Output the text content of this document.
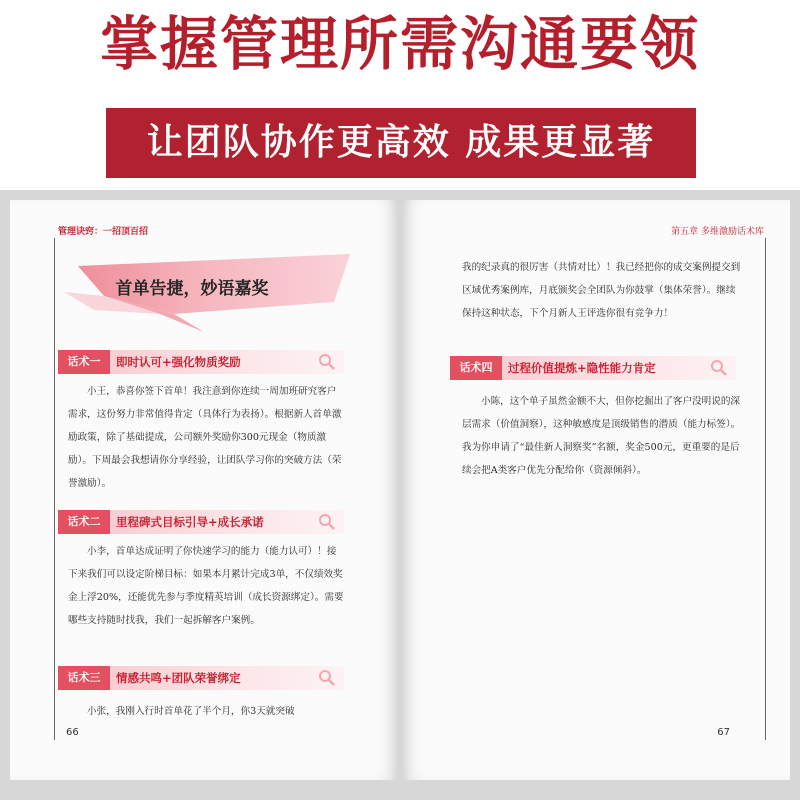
掌握管理所需沟通要领
让团队协作更高效 成果更显著
管理诀窍：一招顶百招
首单告捷，妙语嘉奖
话术一	即时认可+强化物质奖励

小王，恭喜你签下首单！我注意到你连续一周加班研究客户需求，这份努力非常值得肯定（具体行为表扬）。根据新人首单激励政策，除了基础提成，公司额外奖励你300元现金（物质激励）。下周最会我想请你分享经验，让团队学习你的突破方法（荣誉激励）。

话术二	里程碑式目标引导+成长承诺

小李，首单达成证明了你快速学习的能力（能力认可）！接下来我们可以设定阶梯目标：如果本月累计完成3单，不仅绩效奖金上浮20%，还能优先参与季度精英培训（成长资源绑定）。需要哪些支持随时找我，我们一起拆解客户案例。

话术三	情感共鸣+团队荣誉绑定

小张，我刚入行时首单花了半个月，你3天就突破

66
第五章 多维激励话术库

我的纪录真的很厉害（共情对比）！我已经把你的成交案例提交到区域优秀案例库，月底颁奖会全团队为你鼓掌（集体荣誉）。继续保持这种状态，下个月新人王评选你很有竞争力！

话术四	过程价值提炼+隐性能力肯定

小陈，这个单子虽然金额不大，但你挖掘出了客户没明说的深层需求（价值洞察），这种敏感度是顶级销售的潜质（能力标签）。我为你申请了“最佳新人洞察奖”名额，奖金500元，更重要的是后续会把A类客户优先分配给你（资源倾斜）。

67
